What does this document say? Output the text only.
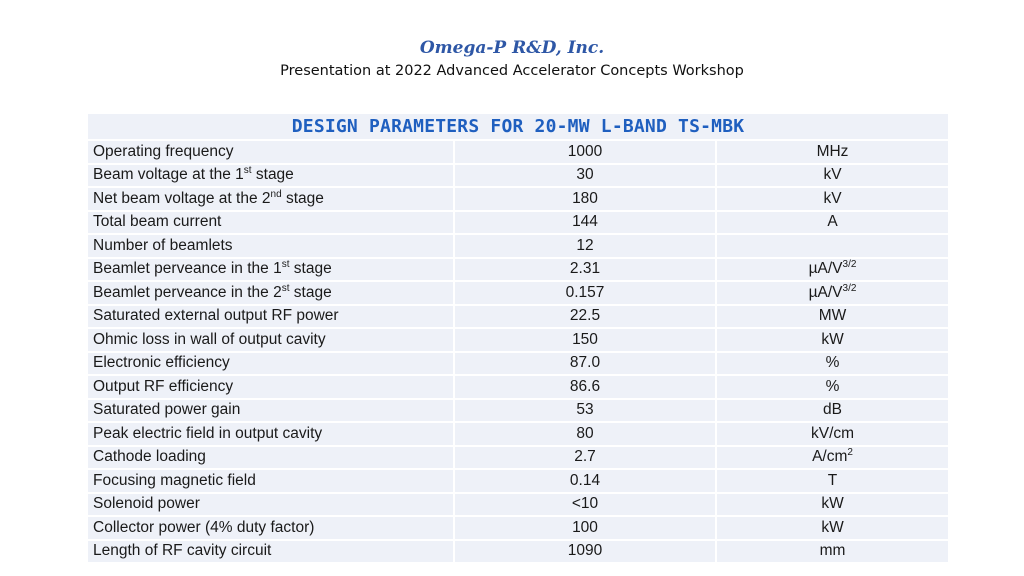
Omega-P R&D, Inc.
Presentation at 2022 Advanced Accelerator Concepts Workshop
DESIGN PARAMETERS FOR 20-MW L-BAND TS-MBK		
Operating frequency	1000	MHz
Beam voltage at the 1st stage	30	kV
Net beam voltage at the 2nd stage	180	kV
Total beam current	144	A
Number of beamlets	12	
Beamlet perveance in the 1st stage	2.31	$\mu A/V^{3/2}$
Beamlet perveance in the 2st stage	0.157	$\mu A/V^{3/2}$
Saturated external output RF power	22.5	MW
Ohmic loss in wall of output cavity	150	kW
Electronic efficiency	87.0	%
Output RF efficiency	86.6	%
Saturated power gain	53	dB
Peak electric field in output cavity	80	kV/cm
Cathode loading	2.7	$A/cm^2$
Focusing magnetic field	0.14	T
Solenoid power	<10	kW
Collector power (4% duty factor)	100	kW
Length of RF cavity circuit	1090	mm
